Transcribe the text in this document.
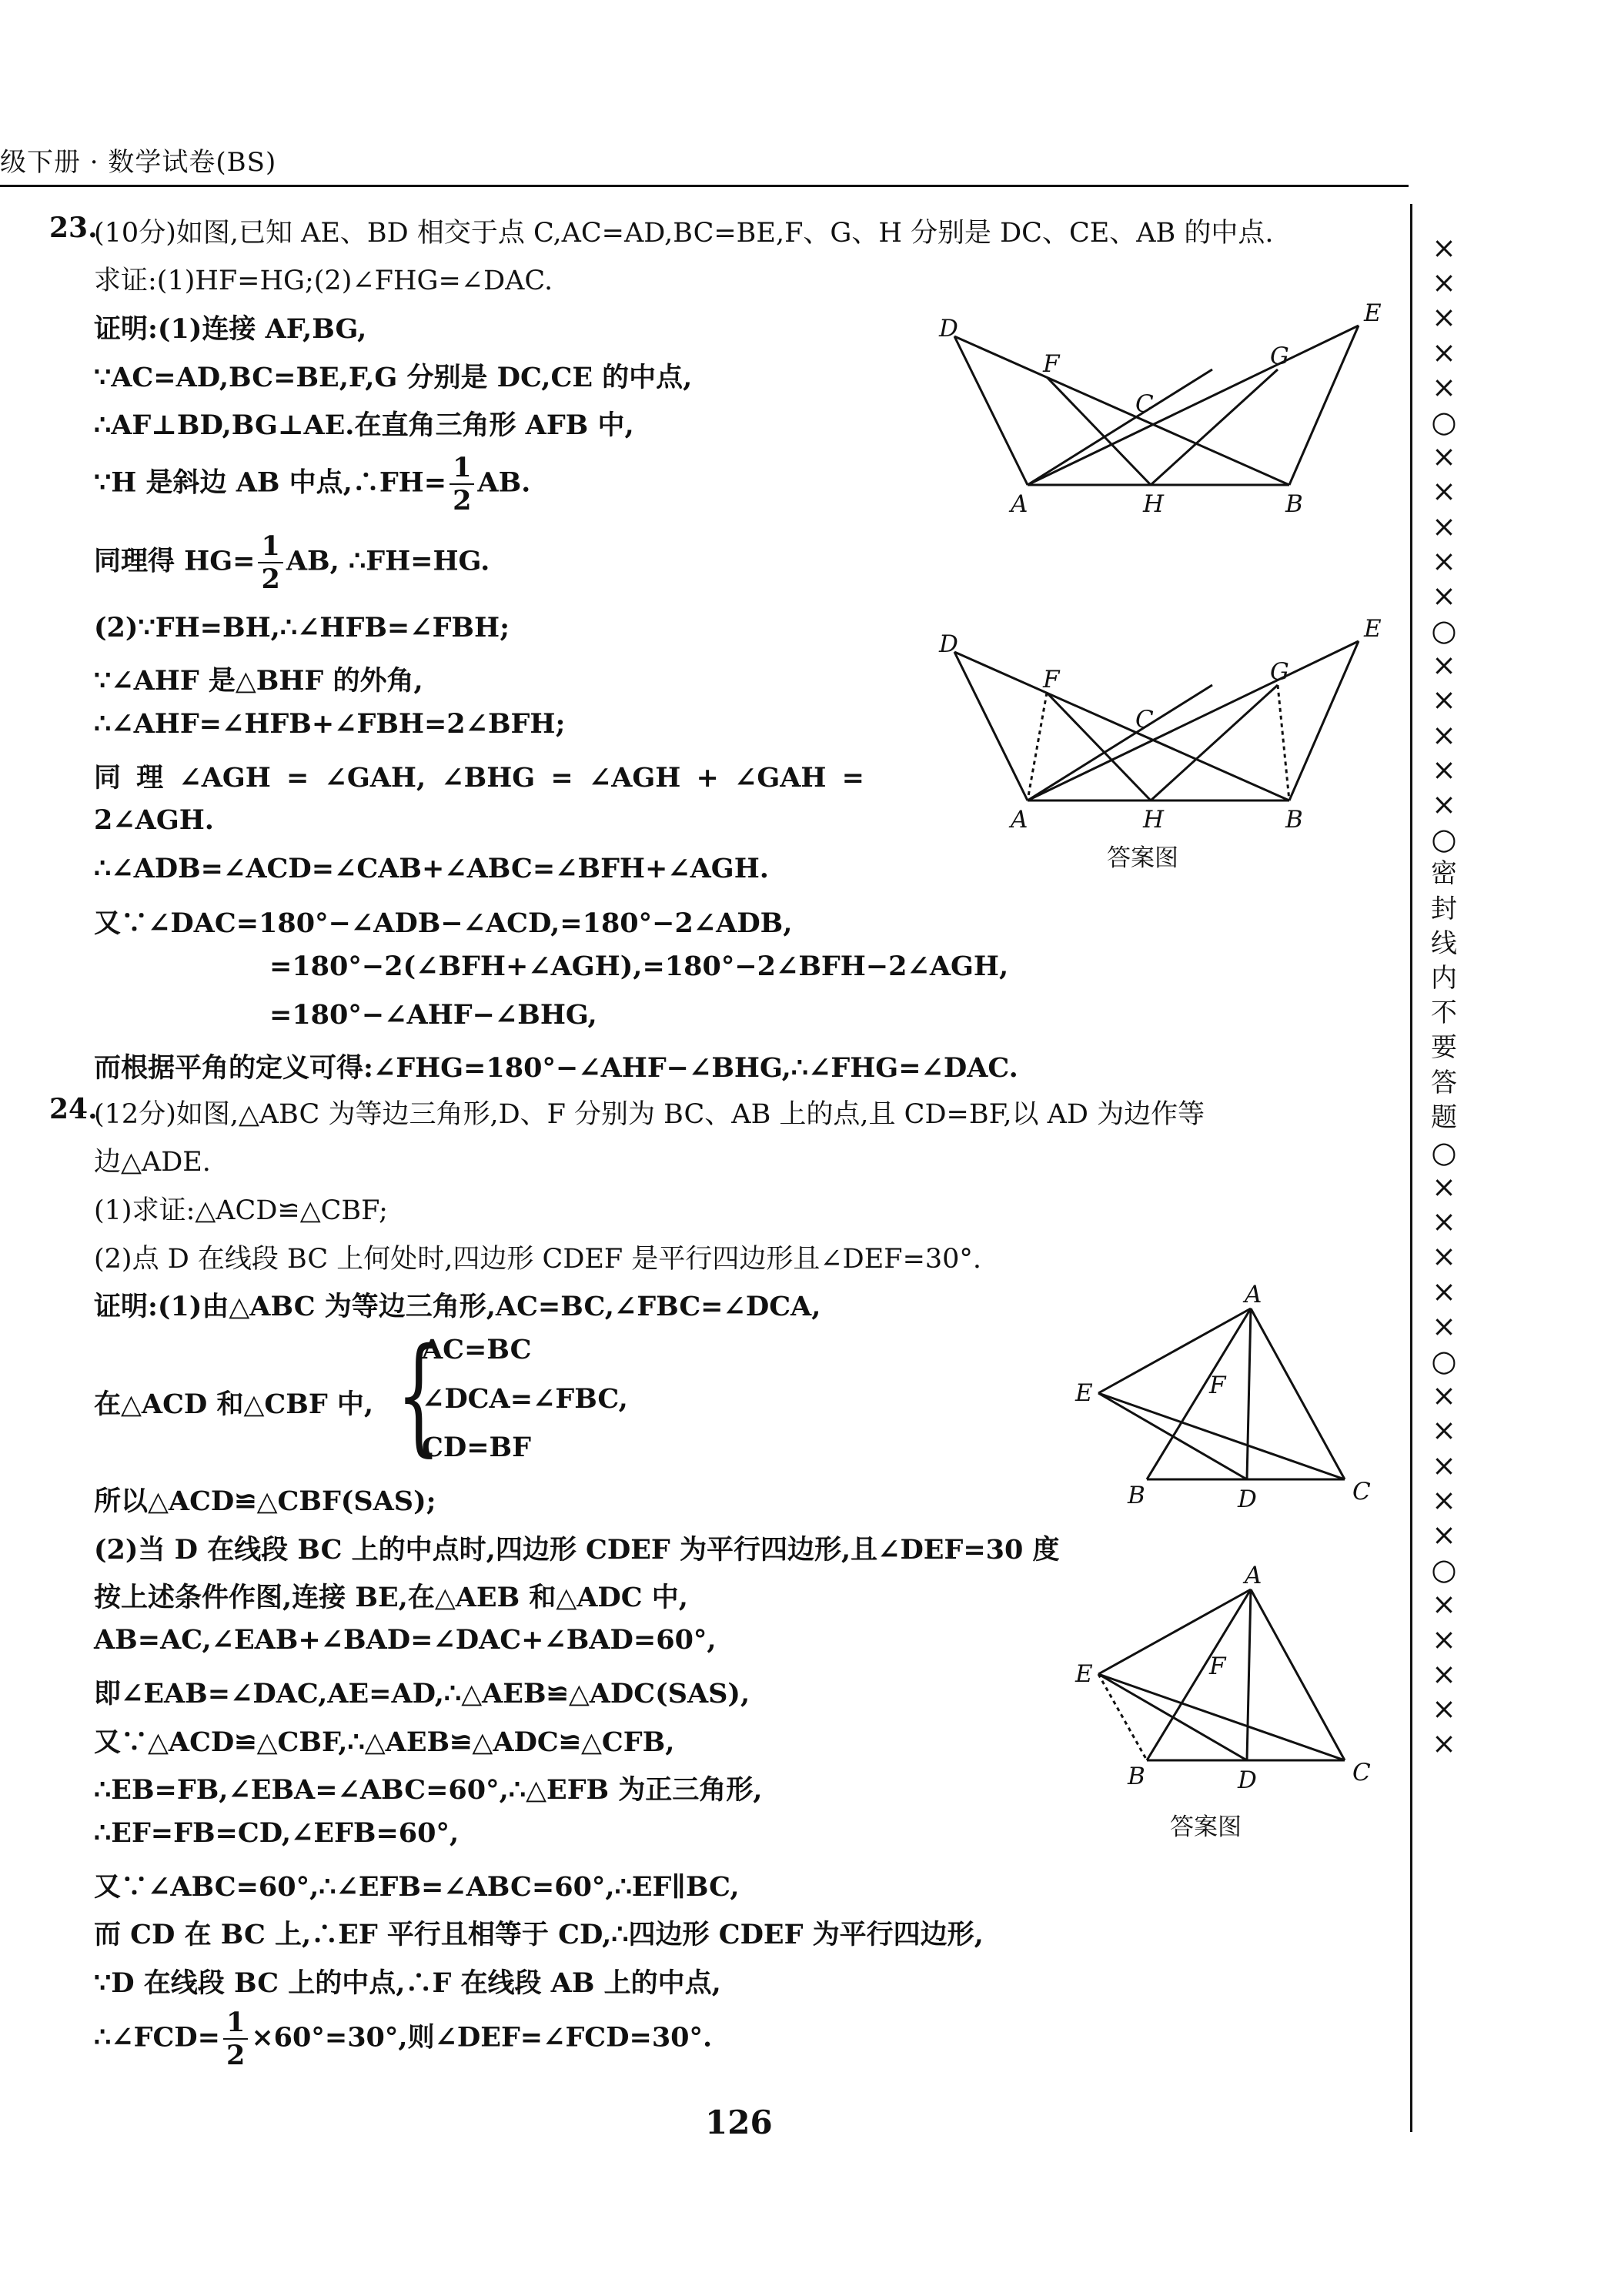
级下册 · 数学试卷(BS)
×
×
×
×
×
○
×
×
×
×
×
○
×
×
×
×
×
○
密
封
线
内
不
要
答
题
○
×
×
×
×
×
○
×
×
×
×
×
○
×
×
×
×
×
23.
(10分)如图,已知 AE、BD 相交于点 C,AC=AD,BC=BE,F、G、H 分别是 DC、CE、AB 的中点.
求证:(1)HF=HG;(2)∠FHG=∠DAC.
证明:(1)连接 AF,BG,
∵AC=AD,BC=BE,F,G 分别是 DC,CE 的中点,
∴AF⊥BD,BG⊥AE.在直角三角形 AFB 中,
∵H 是斜边 AB 中点,∴FH= $\frac{1}{2}$ AB.
同理得 $HG= \frac{1}{2}$ AB, ∴FH=HG.
(2)∵FH=BH,∴∠HFB=∠FBH;
∵∠AHF 是△BHF 的外角,
∴∠AHF=∠HFB+∠FBH=2∠BFH;
同 理 ∠AGH = ∠GAH, ∠BHG = ∠AGH + ∠GAH =
2∠AGH.
∴∠ADB=∠ACD=∠CAB+∠ABC=∠BFH+∠AGH.
又∵∠DAC=180°−∠ADB−∠ACD,=180°−2∠ADB,
=180°−2(∠BFH+∠AGH),=180°−2∠BFH−2∠AGH,
=180°−∠AHF−∠BHG,
而根据平角的定义可得:∠FHG=180°−∠AHF−∠BHG,∴∠FHG=∠DAC.
D
E
F	G
C
A	H	B
D
E
F	G
C
A	H	B
答案图
24.
(12分)如图,△ABC 为等边三角形,D、F 分别为 BC、AB 上的点,且 CD=BF,以 AD 为边作等
边△ADE.
(1)求证:△ACD≌△CBF;
(2)点 D 在线段 BC 上何处时,四边形 CDEF 是平行四边形且∠DEF=30°.
证明:(1)由△ABC 为等边三角形,AC=BC,∠FBC=∠DCA,
在△ACD 和△CBF 中, {
AC=BC
∠DCA=∠FBC,
CD=BF
所以△ACD≌△CBF(SAS);
(2)当 D 在线段 BC 上的中点时,四边形 CDEF 为平行四边形,且∠DEF=30 度
按上述条件作图,连接 BE,在△AEB 和△ADC 中,
AB=AC,∠EAB+∠BAD=∠DAC+∠BAD=60°,
即∠EAB=∠DAC,AE=AD,∴△AEB≌△ADC(SAS),
又∵△ACD≌△CBF,∴△AEB≌△ADC≌△CFB,
∴EB=FB,∠EBA=∠ABC=60°,∴△EFB 为正三角形,
∴EF=FB=CD,∠EFB=60°,
又∵∠ABC=60°,∴∠EFB=∠ABC=60°,∴EF∥BC,
而 CD 在 BC 上,∴EF 平行且相等于 CD,∴四边形 CDEF 为平行四边形,
∵D 在线段 BC 上的中点,∴F 在线段 AB 上的中点,
∴∠FCD= $\frac{1}{2} \times 60^\circ=30^\circ$,则∠DEF=∠FCD=30°.
A
E	F
B	D	C
A
E	F
B	D	C
答案图
126
